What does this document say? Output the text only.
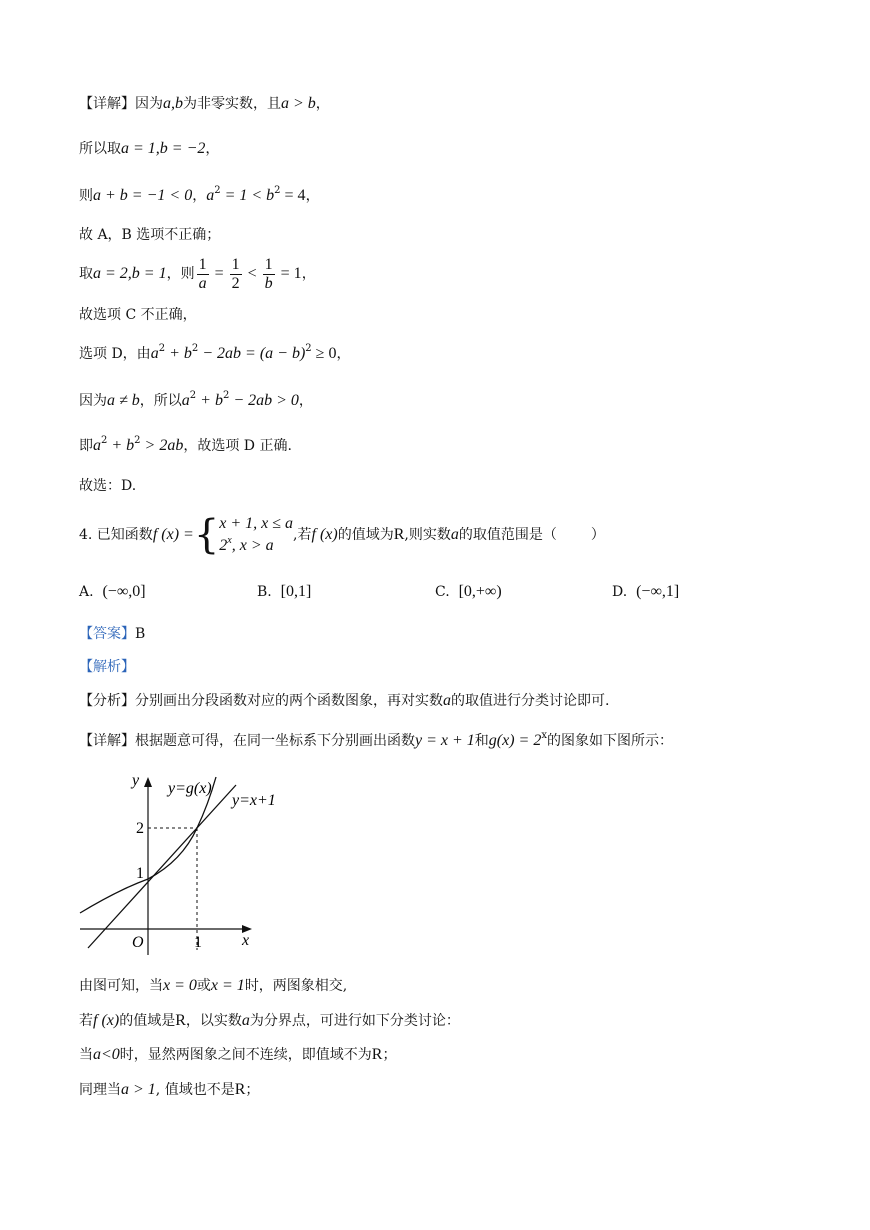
【详解】因为a,b为非零实数，且a > b，
所以取a = 1,b = −2，
则a + b = −1 < 0，$a^2 = 1 < b^2 = 4$，
故 A，B 选项不正确；
取a = 2,b = 1，则 $\frac{1}{a} = \frac{1}{2} < \frac{1}{b} = 1$，
故选项 C 不正确，
选项 D，由$a^2 + b^2 - 2ab = (a - b)^2 \ge 0$，
因为a ≠ b，所以$a^2 + b^2 - 2ab > 0$，
即$a^2 + b^2 > 2ab$，故选项 D 正确.
故选：D.
4. 已知函数f (x) ={ x + 1, x ≤ a
2$^x$, x > a
,若f (x)的值域为R,则实数a的取值范围是（ ）
A. (−∞,0]	B. [0,1]	C. [0,+∞)	D. (−∞,1]
【答案】B
【解析】
【分析】分别画出分段函数对应的两个函数图象，再对实数a的取值进行分类讨论即可.
【详解】根据题意可得，在同一坐标系下分别画出函数y = x + 1和$g(x) = 2^x$的图象如下图所示：
y
x
O	1
1
2
y=g(x)
y=x+1
由图可知，当x = 0或x = 1时，两图象相交,
若f (x)的值域是R，以实数a为分界点，可进行如下分类讨论：
当a<0时，显然两图象之间不连续，即值域不为R；
同理当a > 1, 值域也不是R；
